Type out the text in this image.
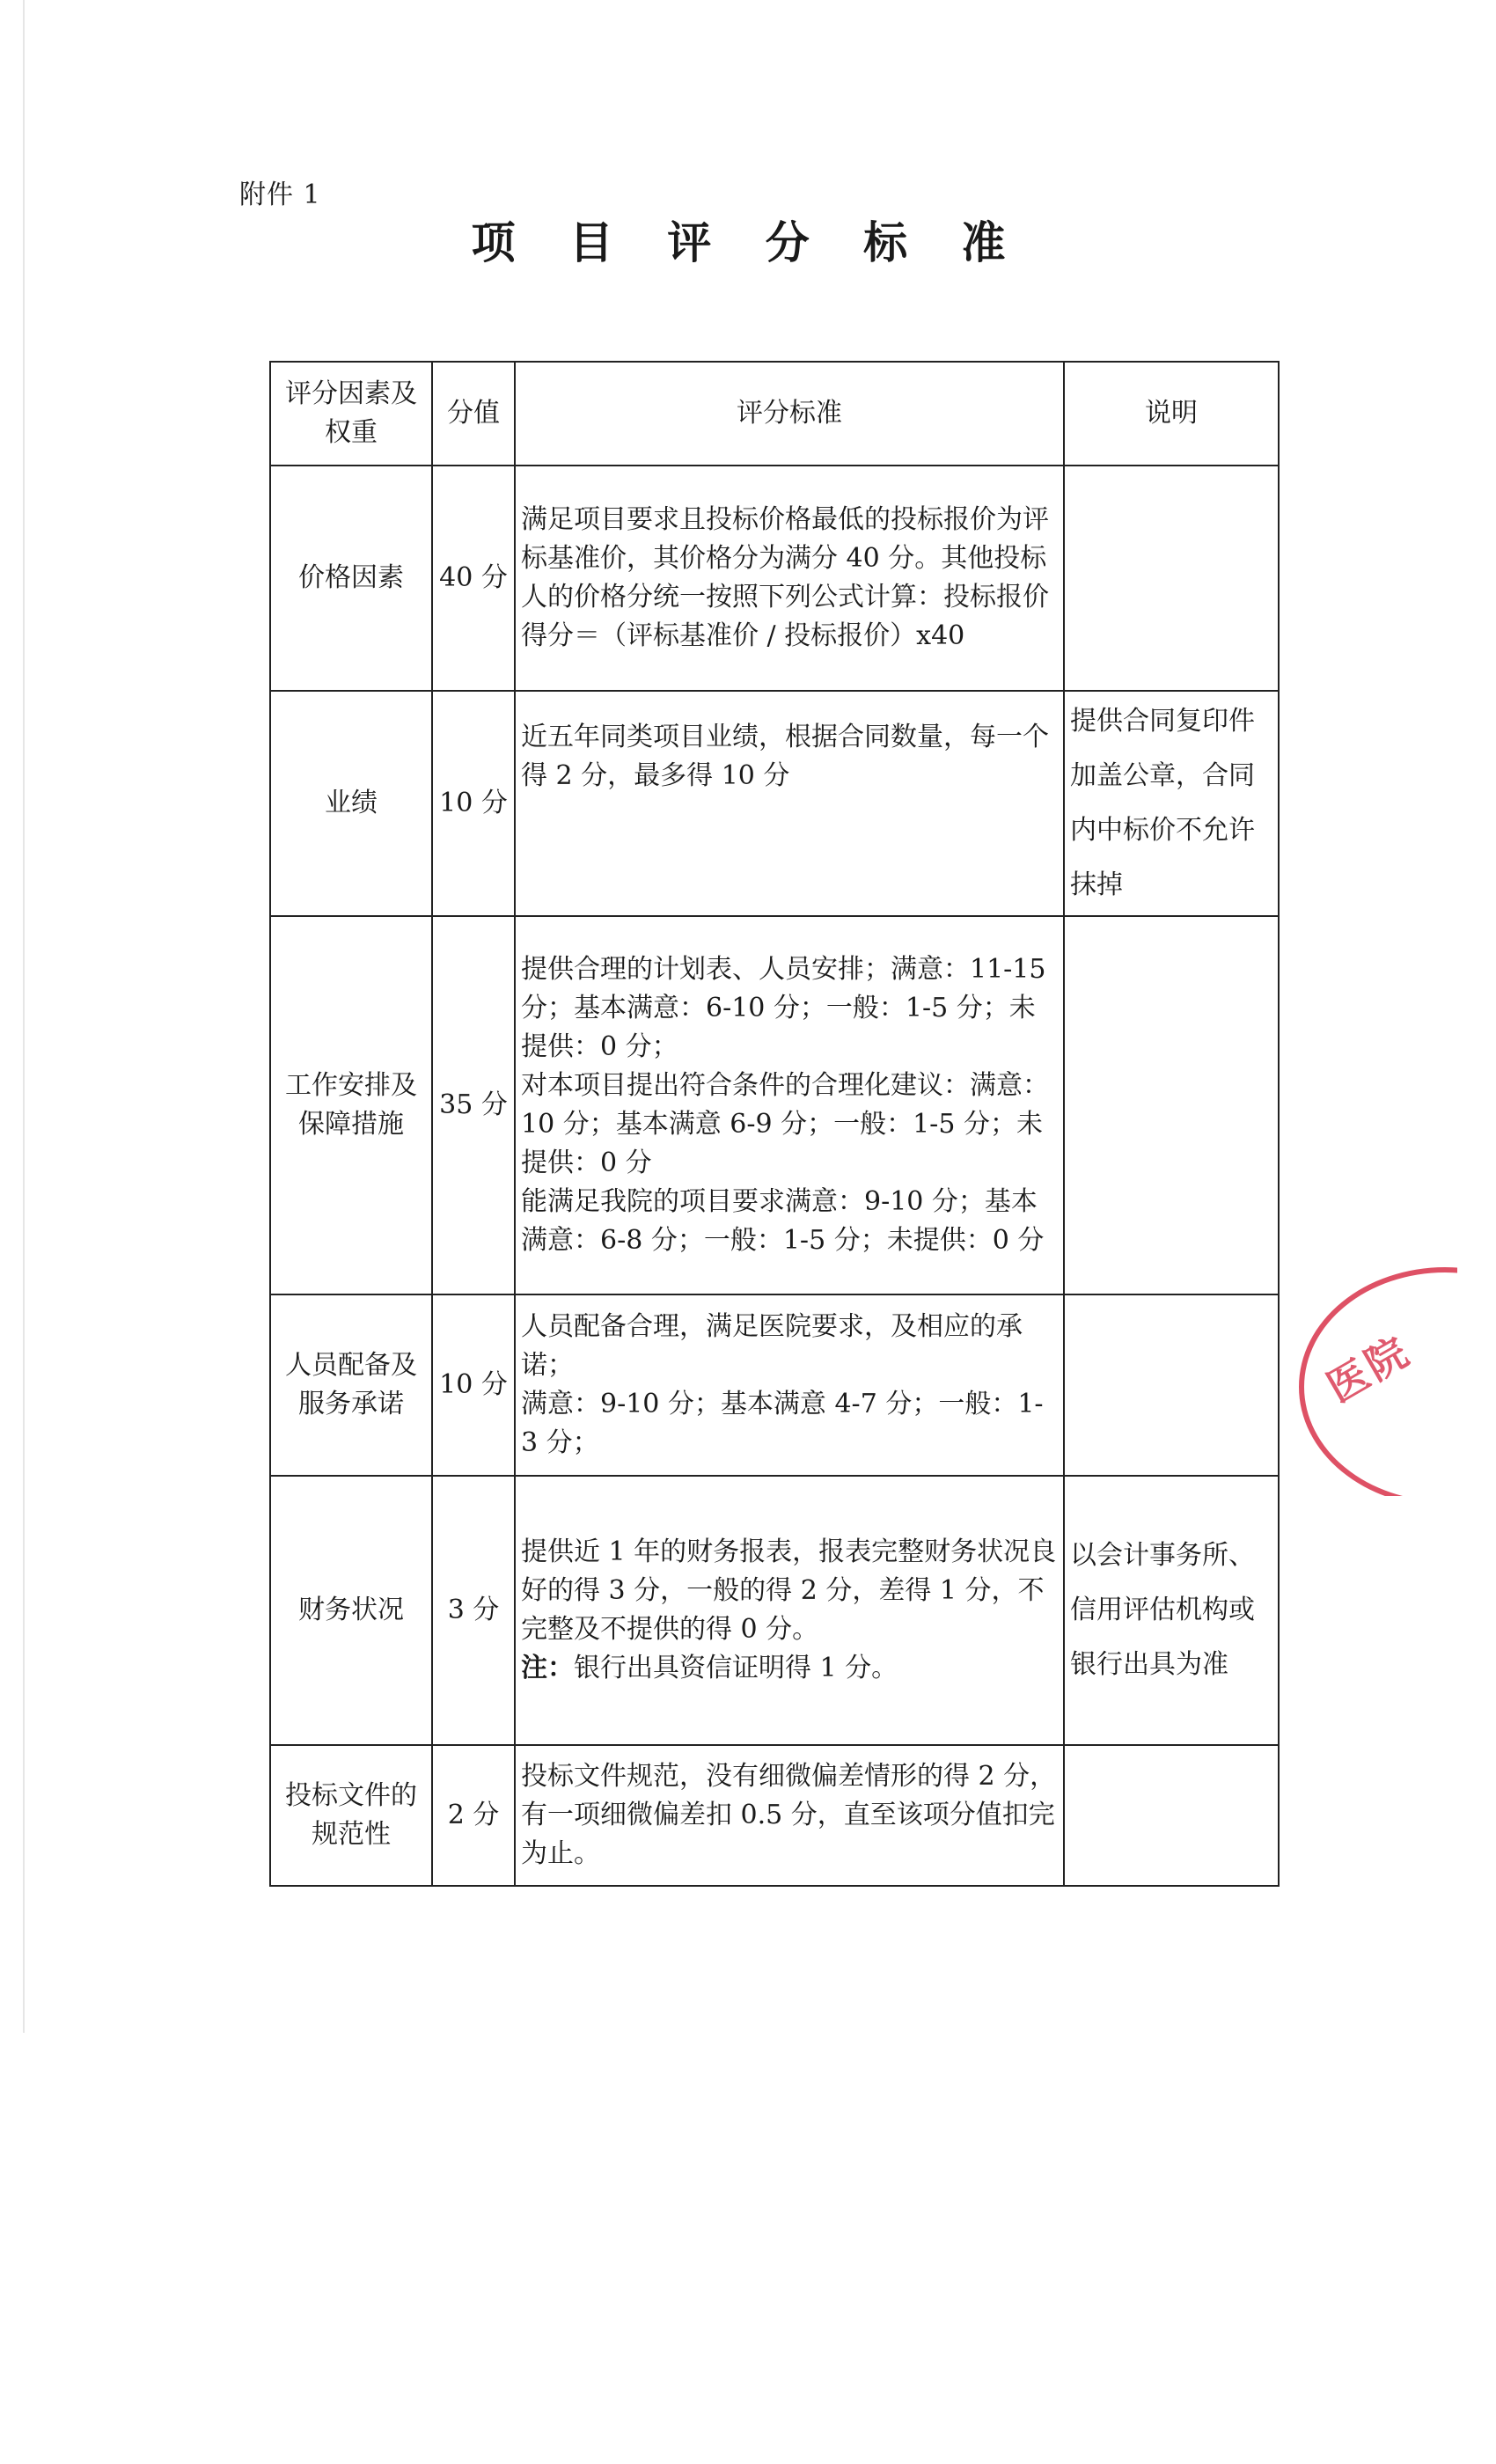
附件 1
项 目 评 分 标 准
评分因素及权重	分值	评分标准	说明
价格因素	40 分	满足项目要求且投标价格最低的投标报价为评标基准价，其价格分为满分 40 分。其他投标人的价格分统一按照下列公式计算：投标报价得分＝（评标基准价 / 投标报价）x40	

业绩	10 分	近五年同类项目业绩，根据合同数量，每一个得 2 分，最多得 10 分	提供合同复印件
加盖公章，合同
内中标价不允许
抹掉

工作安排及保障措施	35 分	提供合理的计划表、人员安排；满意：11-15 分；基本满意：6-10 分；一般：1-5 分；未提供：0 分；
对本项目提出符合条件的合理化建议：满意：10 分；基本满意 6-9 分；一般：1-5 分；未提供：0 分
能满足我院的项目要求满意：9-10 分；基本满意：6-8 分；一般：1-5 分；未提供：0 分	

人员配备及服务承诺	10 分	人员配备合理，满足医院要求，及相应的承诺；
满意：9-10 分；基本满意 4-7 分；一般：1-3 分；	

财务状况	3 分	提供近 1 年的财务报表，报表完整财务状况良好的得 3 分，一般的得 2 分，差得 1 分，不完整及不提供的得 0 分。
注：银行出具资信证明得 1 分。	以会计事务所、
信用评估机构或
银行出具为准

投标文件的规范性	2 分	投标文件规范，没有细微偏差情形的得 2 分，有一项细微偏差扣 0.5 分，直至该项分值扣完为止。	

医院
